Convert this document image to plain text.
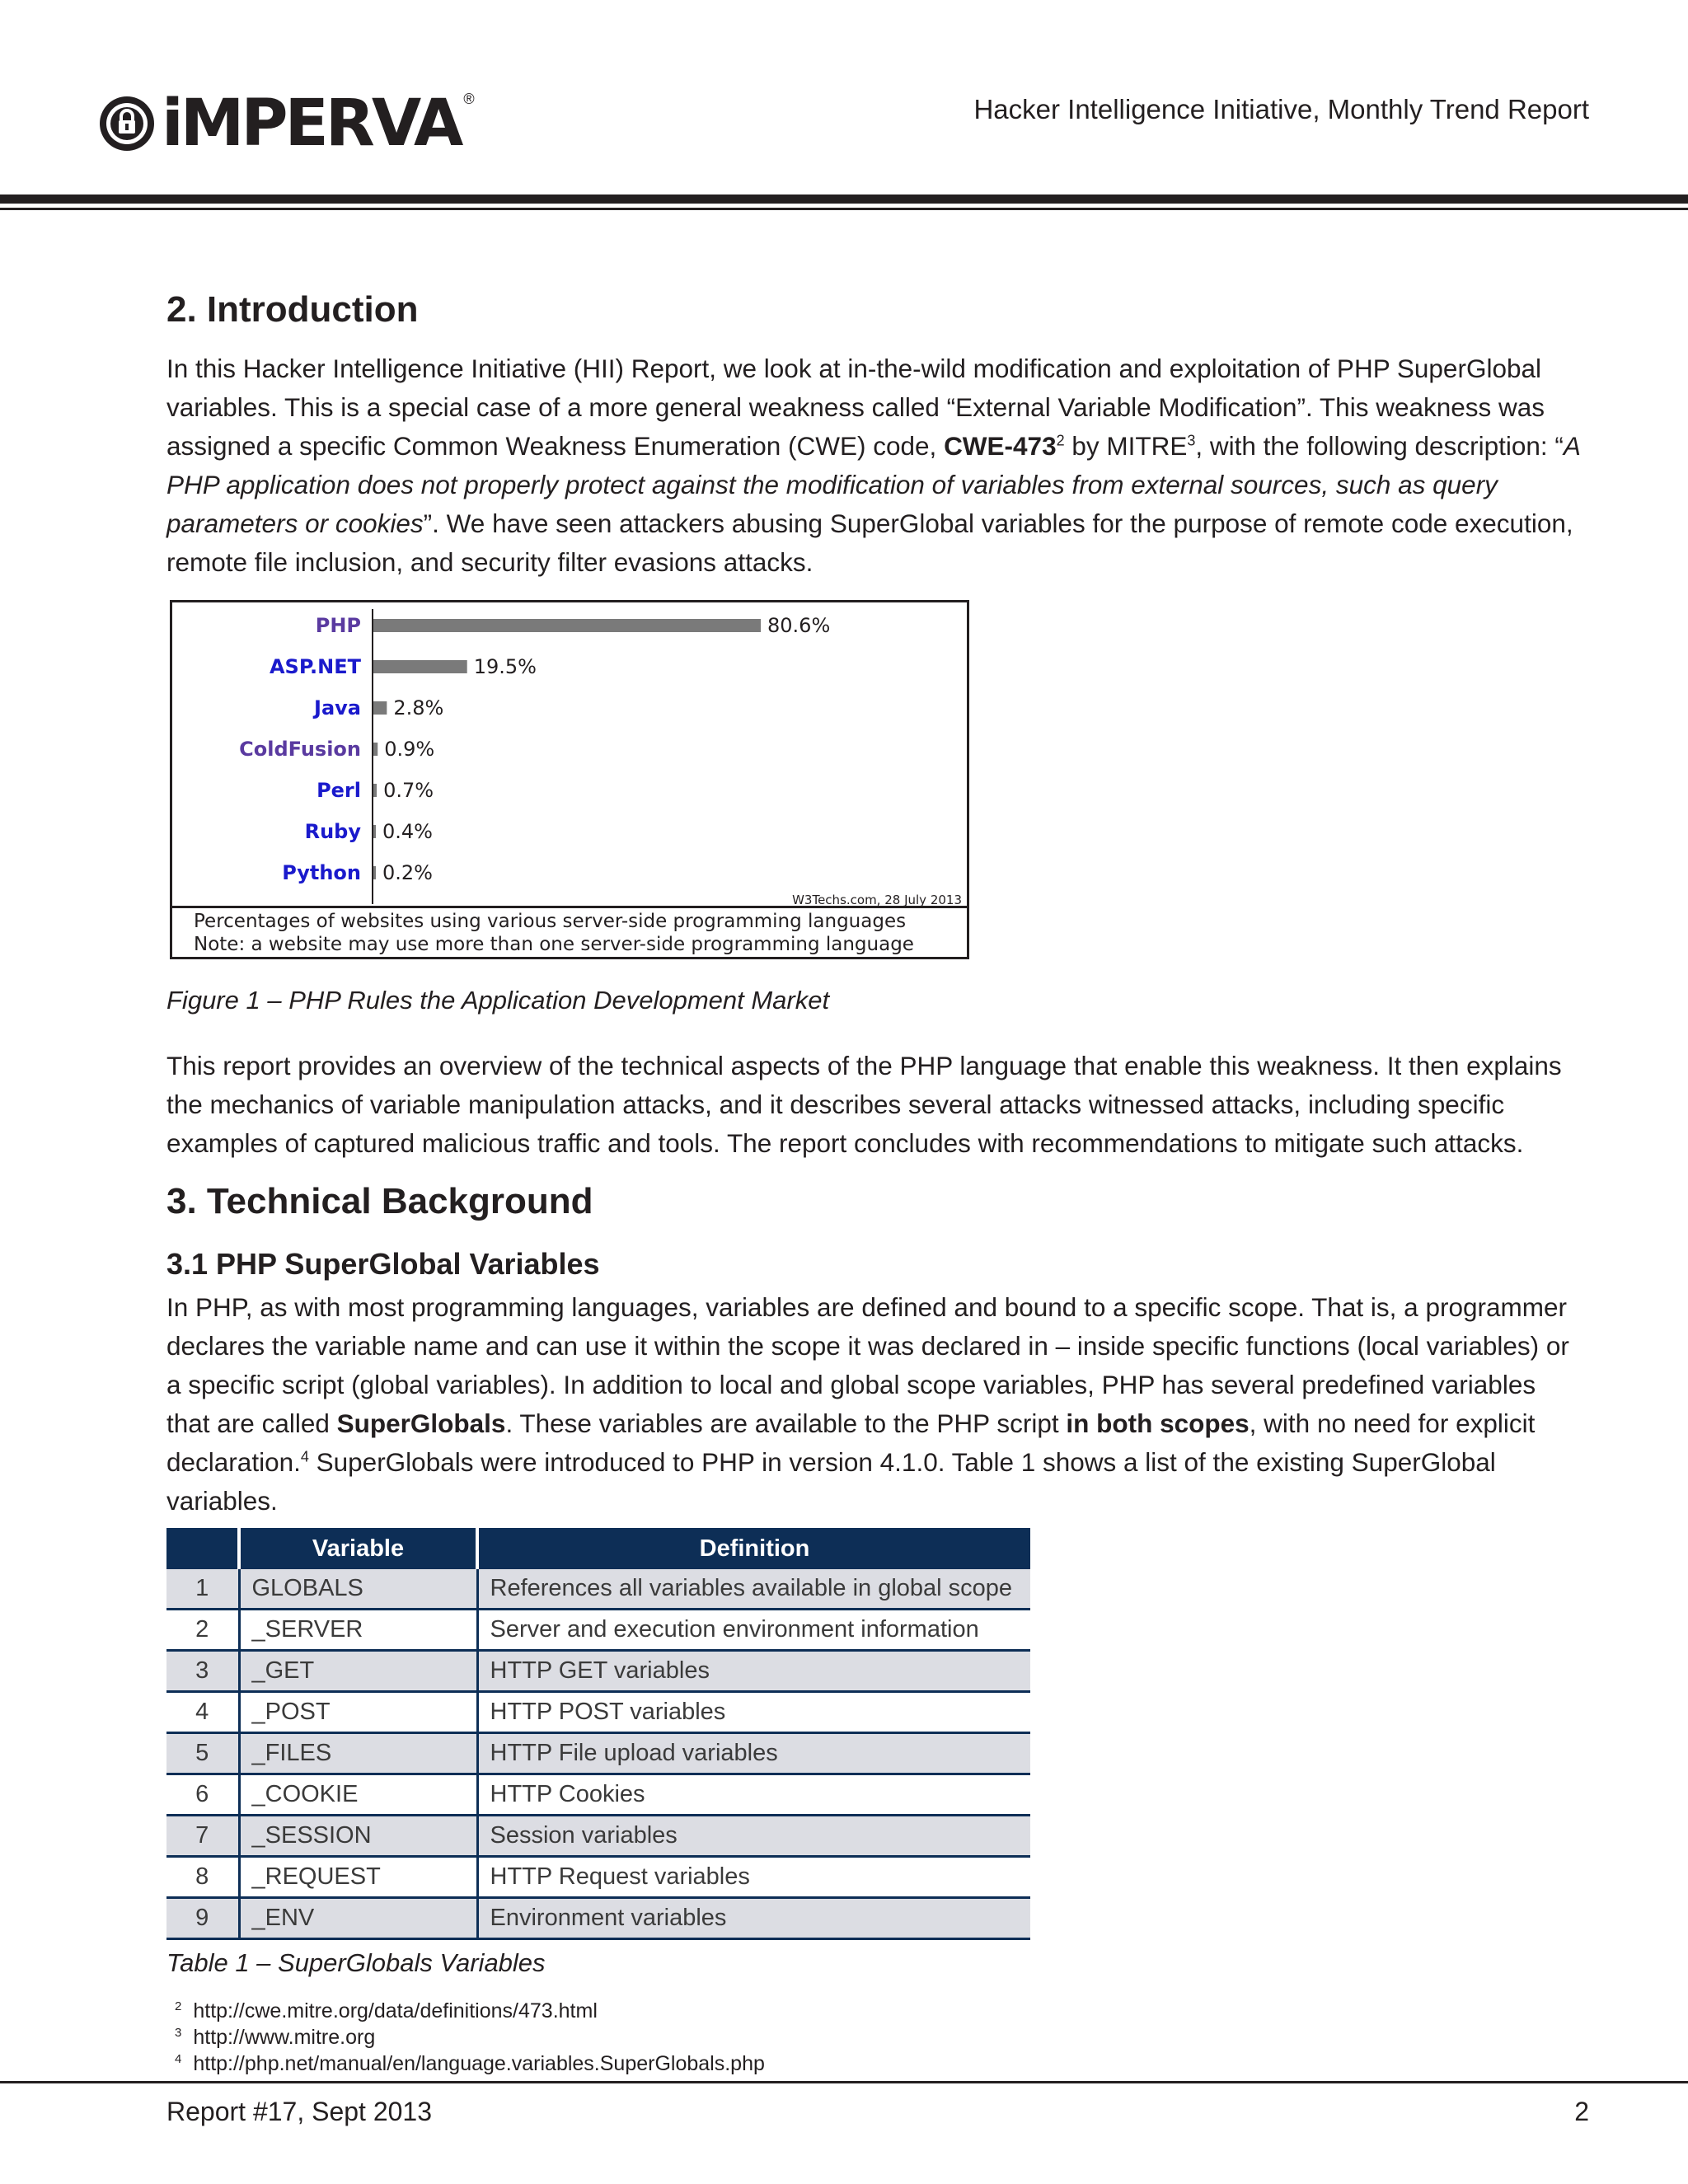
iMPERVA ®	Hacker Intelligence Initiative, Monthly Trend Report
2. Introduction

In this Hacker Intelligence Initiative (HII) Report, we look at in-the-wild modification and exploitation of PHP SuperGlobal variables. This is a special case of a more general weakness called “External Variable Modification”. This weakness was assigned a specific Common Weakness Enumeration (CWE) code, CWE-$473^2$ by MITRE$^3$, with the following description: “A PHP application does not properly protect against the modification of variables from external sources, such as query parameters or cookies”. We have seen attackers abusing SuperGlobal variables for the purpose of remote code execution, remote file inclusion, and security filter evasions attacks.

PHP	80.6%
ASP.NET	19.5%
Java 2.8%
ColdFusion 0.9%
Perl 0.7%
Ruby 0.4%
Python 0.2%
W3Techs.com, 28 July 2013
Percentages of websites using various server-side programming languages
Note: a website may use more than one server-side programming language
Figure 1 – PHP Rules the Application Development Market

This report provides an overview of the technical aspects of the PHP language that enable this weakness. It then explains the mechanics of variable manipulation attacks, and it describes several attacks witnessed attacks, including specific examples of captured malicious traffic and tools. The report concludes with recommendations to mitigate such attacks.

3. Technical Background
3.1 PHP SuperGlobal Variables

In PHP, as with most programming languages, variables are defined and bound to a specific scope. That is, a programmer declares the variable name and can use it within the scope it was declared in – inside specific functions (local variables) or a specific script (global variables). In addition to local and global scope variables, PHP has several predefined variables that are called SuperGlobals. These variables are available to the PHP script in both scopes, with no need for explicit declaration.$^4$ SuperGlobals were introduced to PHP in version 4.1.0. Table 1 shows a list of the existing SuperGlobal variables.

	Variable	Definition
1	GLOBALS	References all variables available in global scope
2	_SERVER	Server and execution environment information
3	_GET	HTTP GET variables
4	_POST	HTTP POST variables
5	_FILES	HTTP File upload variables
6	_COOKIE	HTTP Cookies
7	_SESSION	Session variables
8	_REQUEST	HTTP Request variables
9	_ENV	Environment variables
Table 1 – SuperGlobals Variables
$^2$ http://cwe.mitre.org/data/definitions/473.html
$^3$ http://www.mitre.org
$^4$ http://php.net/manual/en/language.variables.SuperGlobals.php
Report #17, Sept 2013	2
